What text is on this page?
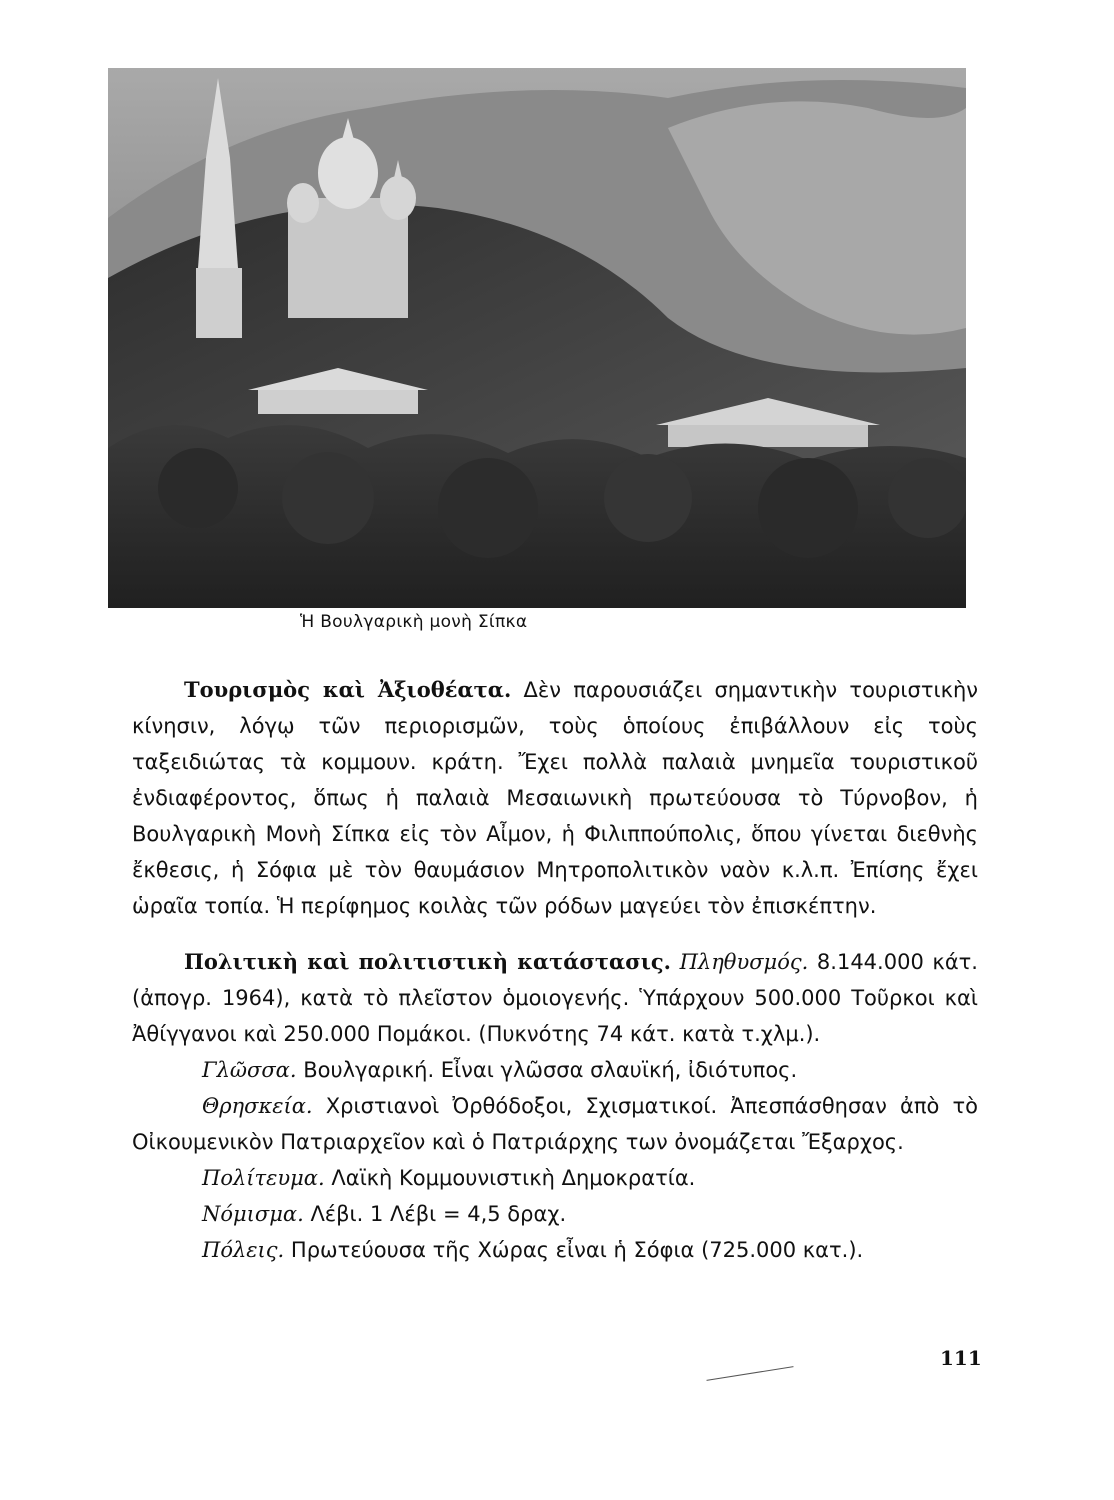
Ἡ Βουλγαρικὴ μονὴ Σίπκα

Τουρισμὸς καὶ Ἀξιοθέατα. Δὲν παρουσιάζει σημαντικὴν τουριστικὴν κίνησιν, λόγῳ τῶν περιορισμῶν, τοὺς ὁποίους ἐπιβάλλουν εἰς τοὺς ταξειδιώτας τὰ κομμουν. κράτη. Ἔχει πολλὰ παλαιὰ μνημεῖα τουριστικοῦ ἐνδιαφέροντος, ὅπως ἡ παλαιὰ Μεσαιωνικὴ πρωτεύουσα τὸ Τύρνοβον, ἡ Βουλγαρικὴ Μονὴ Σίπκα εἰς τὸν Αἶμον, ἡ Φιλιππούπολις, ὅπου γίνεται διεθνὴς ἔκθεσις, ἡ Σόφια μὲ τὸν θαυμάσιον Μητροπολιτικὸν ναὸν κ.λ.π. Ἐπίσης ἔχει ὡραῖα τοπία. Ἡ περίφημος κοιλὰς τῶν ρόδων μαγεύει τὸν ἐπισκέπτην.

Πολιτικὴ καὶ πολιτιστικὴ κατάστασις. Πληθυσμός. 8.144.000 κάτ. (ἀπογρ. 1964), κατὰ τὸ πλεῖστον ὁμοιογενής. Ὑπάρχουν 500.000 Τοῦρκοι καὶ Ἀθίγγανοι καὶ 250.000 Πομάκοι. (Πυκνότης 74 κάτ. κατὰ τ.χλμ.).

Γλῶσσα. Βουλγαρική. Εἶναι γλῶσσα σλαυϊκή, ἰδιότυπος.

Θρησκεία. Χριστιανοὶ Ὀρθόδοξοι, Σχισματικοί. Ἀπεσπάσθησαν ἀπὸ τὸ Οἰκουμενικὸν Πατριαρχεῖον καὶ ὁ Πατριάρχης των ὀνομάζεται Ἔξαρχος.

Πολίτευμα. Λαϊκὴ Κομμουνιστικὴ Δημοκρατία.

Νόμισμα. Λέβι. 1 Λέβι = 4,5 δραχ.

Πόλεις. Πρωτεύουσα τῆς Χώρας εἶναι ἡ Σόφια (725.000 κατ.).

111
